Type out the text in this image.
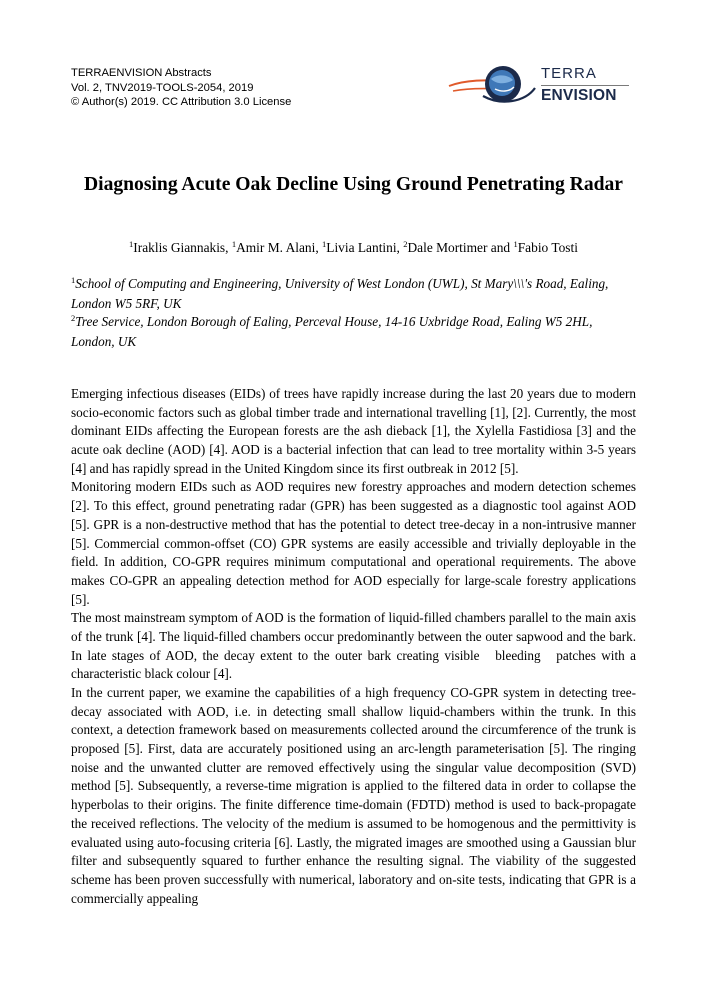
TERRAENVISION Abstracts
Vol. 2, TNV2019-TOOLS-2054, 2019
© Author(s) 2019. CC Attribution 3.0 License
TERRA
ENVISION
Diagnosing Acute Oak Decline Using Ground Penetrating Radar
$^1$Iraklis Giannakis, $^1$Amir M. Alani, $^1$Livia Lantini, $^2$Dale Mortimer and $^1$Fabio Tosti
$^1$School of Computing and Engineering, University of West London (UWL), St Mary\\\'s Road, Ealing, London W5 5RF, UK
$^2$Tree Service, London Borough of Ealing, Perceval House, 14-16 Uxbridge Road, Ealing W5 2HL, London, UK

Emerging infectious diseases (EIDs) of trees have rapidly increase during the last 20 years due to modern socio-economic factors such as global timber trade and international travelling [1], [2]. Currently, the most dominant EIDs affecting the European forests are the ash dieback [1], the Xylella Fastidiosa [3] and the acute oak decline (AOD) [4]. AOD is a bacterial infection that can lead to tree mortality within 3-5 years [4] and has rapidly spread in the United Kingdom since its first outbreak in 2012 [5].

Monitoring modern EIDs such as AOD requires new forestry approaches and modern detection schemes [2]. To this effect, ground penetrating radar (GPR) has been suggested as a diagnostic tool against AOD [5]. GPR is a non-destructive method that has the potential to detect tree-decay in a non-intrusive manner [5]. Commercial common-offset (CO) GPR systems are easily accessible and trivially deployable in the field. In addition, CO-GPR requires minimum computational and operational requirements. The above makes CO-GPR an appealing detection method for AOD especially for large-scale forestry applications [5].

The most mainstream symptom of AOD is the formation of liquid-filled chambers parallel to the main axis of the trunk [4]. The liquid-filled chambers occur predominantly between the outer sapwood and the bark. In late stages of AOD, the decay extent to the outer bark creating visible  bleeding  patches with a characteristic black colour [4].

In the current paper, we examine the capabilities of a high frequency CO-GPR system in detecting tree-decay associated with AOD, i.e. in detecting small shallow liquid-chambers within the trunk. In this context, a detection framework based on measurements collected around the circumference of the trunk is proposed [5]. First, data are accurately positioned using an arc-length parameterisation [5]. The ringing noise and the unwanted clutter are removed effectively using the singular value decomposition (SVD) method [5]. Subsequently, a reverse-time migration is applied to the filtered data in order to collapse the hyperbolas to their origins. The finite difference time-domain (FDTD) method is used to back-propagate the received reflections. The velocity of the medium is assumed to be homogenous and the permittivity is evaluated using auto-focusing criteria [6]. Lastly, the migrated images are smoothed using a Gaussian blur filter and subsequently squared to further enhance the resulting signal. The viability of the suggested scheme has been proven successfully with numerical, laboratory and on-site tests, indicating that GPR is a commercially appealing
